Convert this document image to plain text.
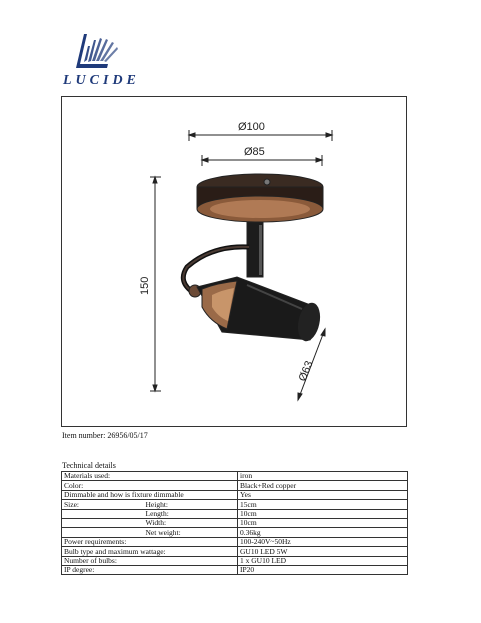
LUCIDE
Ø100
Ø85
150
Ø63
Item number: 26956/05/17
Technical details
Materials used:		iron
Color:		Black+Red copper
Dimmable and how is fixture dimmable		Yes
Size:	Height:	15cm
	Length:	10cm
	Width:	10cm
	Net weight:	0.36kg
Power requirements:		100-240V~50Hz
Bulb type and maximum wattage:		GU10 LED 5W
Number of bulbs:		1 x GU10 LED
IP degree:		IP20
